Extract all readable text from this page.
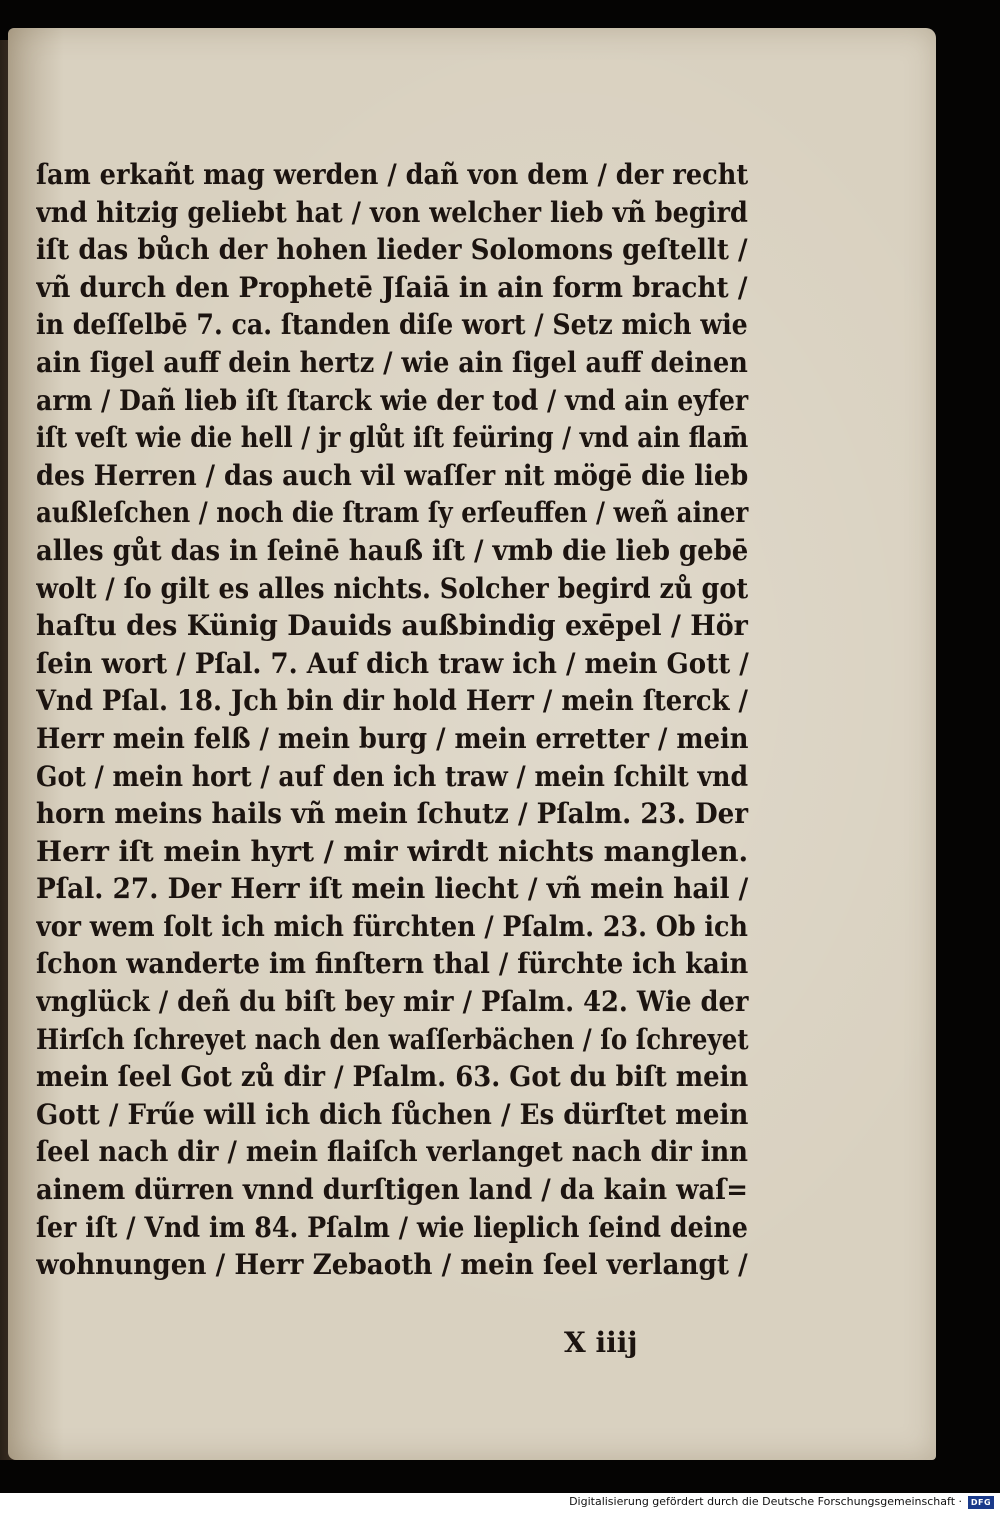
ſam erkañt mag werden / dañ von dem / der recht
vnd hitzig geliebt hat / von welcher lieb vñ begird
iſt das bůch der hohen lieder Solomons geſtellt /
vñ durch den Prophetē Jſaiā in ain form bracht /
in deſſelbē 7. ca. ſtanden diſe wort / Setz mich wie
ain ſigel auff dein hertz / wie ain ſigel auff deinen
arm / Dañ lieb iſt ſtarck wie der tod / vnd ain eyfer
iſt veſt wie die hell / jr glůt iſt feüring / vnd ain flam̄
des Herren / das auch vil waſſer nit mögē die lieb
außleſchen / noch die ſtram ſy erſeuffen / weñ ainer
alles gůt das in ſeinē hauß iſt / vmb die lieb gebē
wolt / ſo gilt es alles nichts. Solcher begird zů got
haſtu des Künig Dauids außbindig exēpel / Hör
ſein wort / Pſal. 7. Auf dich traw ich / mein Gott /
Vnd Pſal. 18. Jch bin dir hold Herr / mein ſterck /
Herr mein felß / mein burg / mein erretter / mein
Got / mein hort / auf den ich traw / mein ſchilt vnd
horn meins hails vñ mein ſchutz / Pſalm. 23. Der
Herr iſt mein hyrt / mir wirdt nichts manglen.
Pſal. 27. Der Herr iſt mein liecht / vñ mein hail /
vor wem ſolt ich mich fürchten / Pſalm. 23. Ob ich
ſchon wanderte im finſtern thal / fürchte ich kain
vnglück / deñ du biſt bey mir / Pſalm. 42. Wie der
Hirſch ſchreyet nach den waſſerbächen / ſo ſchreyet
mein ſeel Got zů dir / Pſalm. 63. Got du biſt mein
Gott / Frűe will ich dich ſůchen / Es dürſtet mein
ſeel nach dir / mein flaiſch verlanget nach dir inn
ainem dürren vnnd durſtigen land / da kain waſ=
ſer iſt / Vnd im 84. Pſalm / wie lieplich ſeind deine
wohnungen / Herr Zebaoth / mein ſeel verlangt /
X iiij
Digitalisierung gefördert durch die Deutsche Forschungsgemeinschaft ·	DFG
